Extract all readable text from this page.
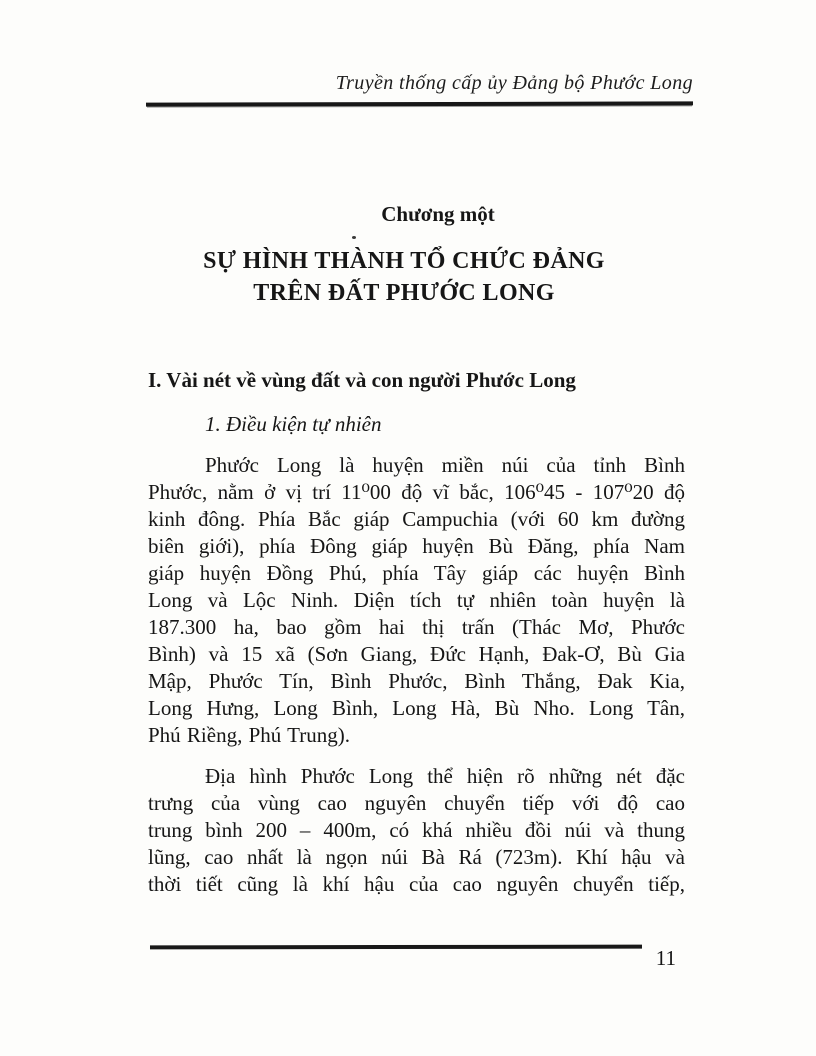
Truyền thống cấp ủy Đảng bộ Phước Long
Chương một
SỰ HÌNH THÀNH TỔ CHỨC ĐẢNG
TRÊN ĐẤT PHƯỚC LONG
I. Vài nét về vùng đất và con người Phước Long
1. Điều kiện tự nhiên
Phước Long là huyện miền núi của tỉnh Bình
Phước, nằm ở vị trí 11⁰00 độ vĩ bắc, 106⁰45 - 107⁰20 độ
kinh đông. Phía Bắc giáp Campuchia (với 60 km đường
biên giới), phía Đông giáp huyện Bù Đăng, phía Nam
giáp huyện Đồng Phú, phía Tây giáp các huyện Bình
Long và Lộc Ninh. Diện tích tự nhiên toàn huyện là
187.300 ha, bao gồm hai thị trấn (Thác Mơ, Phước
Bình) và 15 xã (Sơn Giang, Đức Hạnh, Đak-Ơ, Bù Gia
Mập, Phước Tín, Bình Phước, Bình Thắng, Đak Kia,
Long Hưng, Long Bình, Long Hà, Bù Nho. Long Tân,
Phú Riềng, Phú Trung).
Địa hình Phước Long thể hiện rõ những nét đặc
trưng của vùng cao nguyên chuyển tiếp với độ cao
trung bình 200 – 400m, có khá nhiều đồi núi và thung
lũng, cao nhất là ngọn núi Bà Rá (723m). Khí hậu và
thời tiết cũng là khí hậu của cao nguyên chuyển tiếp,
11
